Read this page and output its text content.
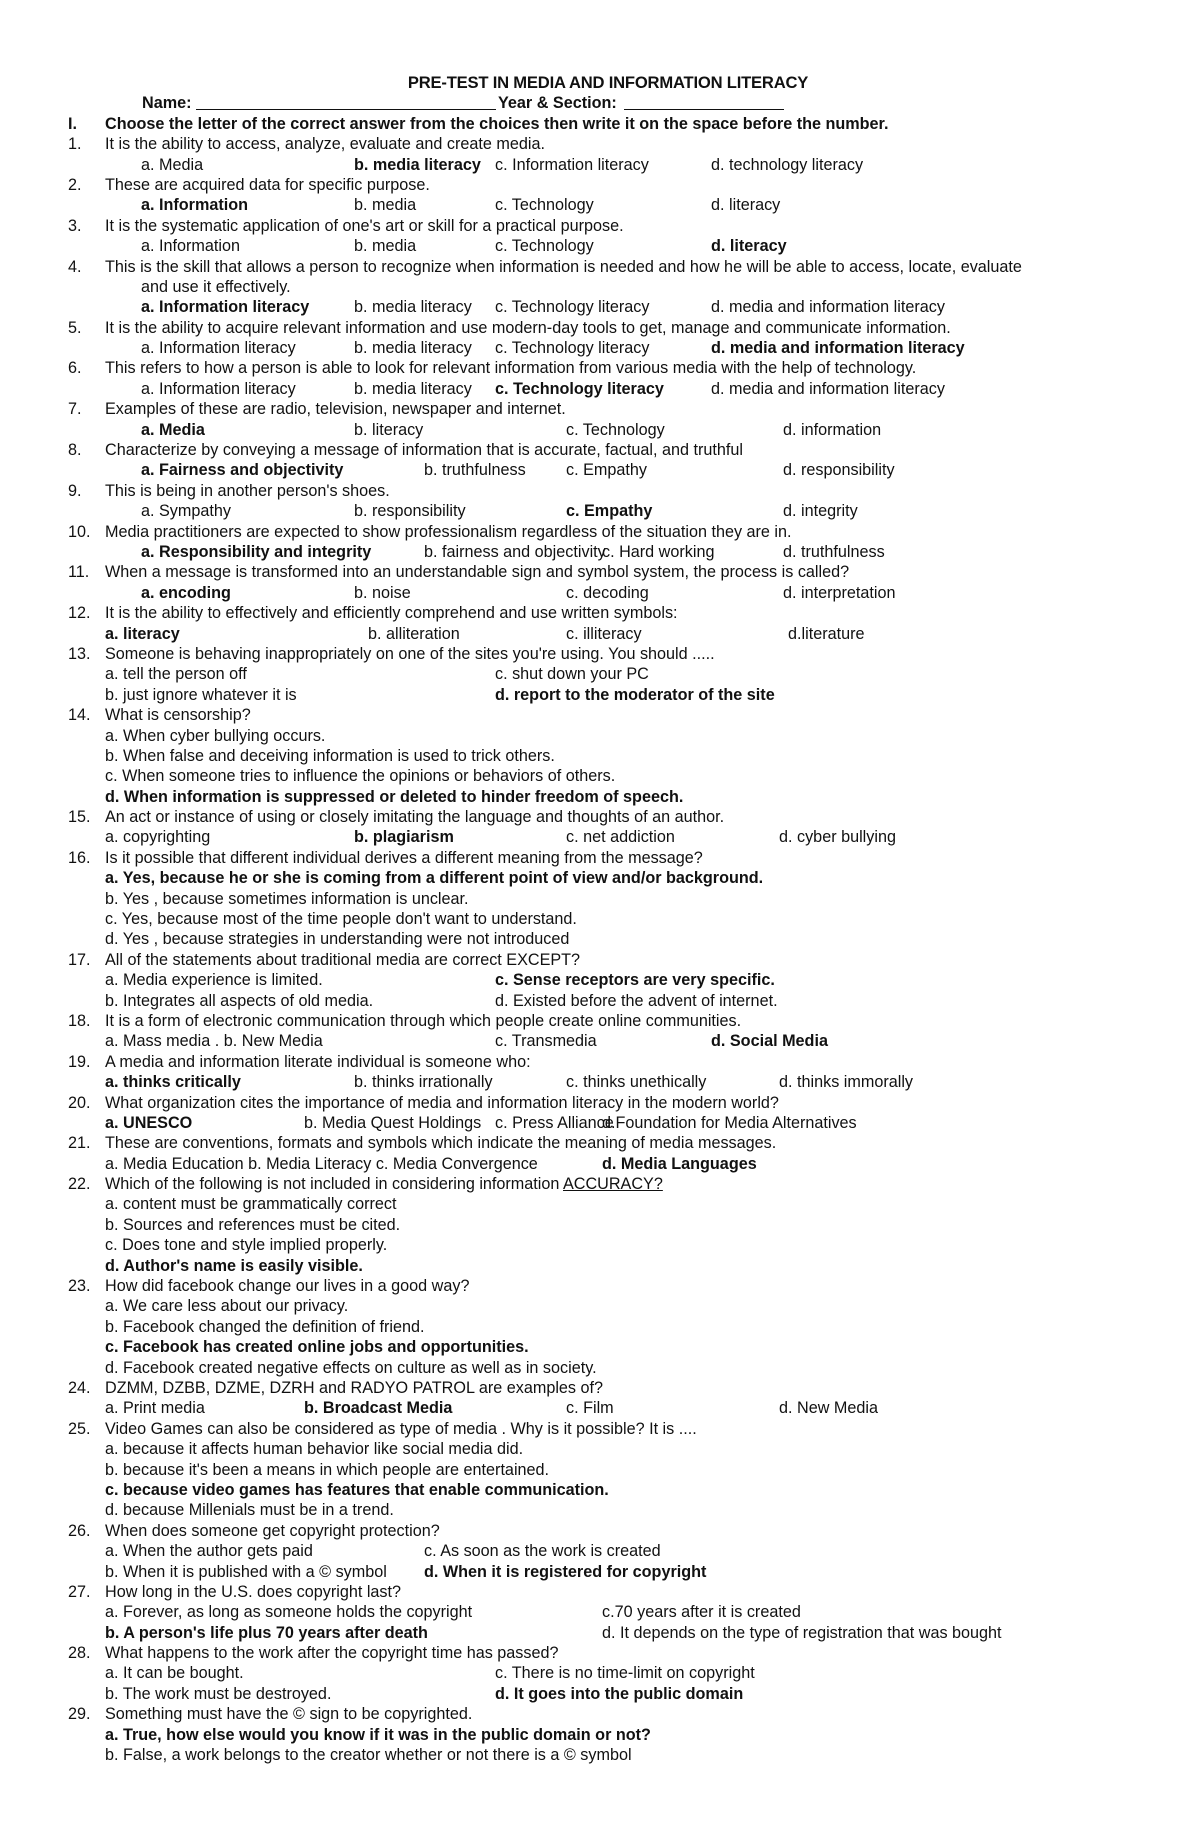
PRE-TEST IN MEDIA AND INFORMATION LITERACY
Name:	Year & Section:
I.	Choose the letter of the correct answer from the choices then write it on the space before the number.
1.	It is the ability to access, analyze, evaluate and create media.
a. Media	b. media literacy c. Information literacy	d. technology literacy
2.	These are acquired data for specific purpose.
a. Information	b. media	c. Technology	d. literacy
3.	It is the systematic application of one's art or skill for a practical purpose.
a. Information	b. media	c. Technology	d. literacy
4.	This is the skill that allows a person to recognize when information is needed and how he will be able to access, locate, evaluate
and use it effectively.
a. Information literacy	b. media literacy c. Technology literacy	d. media and information literacy
5.	It is the ability to acquire relevant information and use modern-day tools to get, manage and communicate information.
a. Information literacy	b. media literacy c. Technology literacy	d. media and information literacy
6.	This refers to how a person is able to look for relevant information from various media with the help of technology.
a. Information literacy	b. media literacy c. Technology literacy	d. media and information literacy
7.	Examples of these are radio, television, newspaper and internet.
a. Media	b. literacy	c. Technology	d. information
8.	Characterize by conveying a message of information that is accurate, factual, and truthful
a. Fairness and objectivity	b. truthfulness c. Empathy	d. responsibility
9.	This is being in another person's shoes.
a. Sympathy	b. responsibility	c. Empathy	d. integrity
10. Media practitioners are expected to show professionalism regardless of the situation they are in.
a. Responsibility and integrity	b. fairness and objectivity
c. Hard working	d. truthfulness
11. When a message is transformed into an understandable sign and symbol system, the process is called?
a. encoding	b. noise	c. decoding	d. interpretation
12. It is the ability to effectively and efficiently comprehend and use written symbols:
a. literacy	b. alliteration	c. illiteracy	d.literature
13. Someone is behaving inappropriately on one of the sites you're using. You should .....
a. tell the person off	c. shut down your PC
b. just ignore whatever it is	d. report to the moderator of the site
14. What is censorship?
a. When cyber bullying occurs.
b. When false and deceiving information is used to trick others.
c. When someone tries to influence the opinions or behaviors of others.
d. When information is suppressed or deleted to hinder freedom of speech.
15. An act or instance of using or closely imitating the language and thoughts of an author.
a. copyrighting	b. plagiarism	c. net addiction	d. cyber bullying
16. Is it possible that different individual derives a different meaning from the message?
a. Yes, because he or she is coming from a different point of view and/or background.
b. Yes , because sometimes information is unclear.
c. Yes, because most of the time people don't want to understand.
d. Yes , because strategies in understanding were not introduced
17. All of the statements about traditional media are correct EXCEPT?
a. Media experience is limited.	c. Sense receptors are very specific.
b. Integrates all aspects of old media.	d. Existed before the advent of internet.
18. It is a form of electronic communication through which people create online communities.
a. Mass media . b. New Media	c. Transmedia	d. Social Media
19. A media and information literate individual is someone who:
a. thinks critically	b. thinks irrationally	c. thinks unethically	d. thinks immorally
20. What organization cites the importance of media and information literacy in the modern world?
a. UNESCO	b. Media Quest Holdings c. Press Alliance
d.Foundation for Media Alternatives
21. These are conventions, formats and symbols which indicate the meaning of media messages.
a. Media Education b. Media Literacy c. Media Convergence	d. Media Languages
22. Which of the following is not included in considering information ACCURACY?
a. content must be grammatically correct
b. Sources and references must be cited.
c. Does tone and style implied properly.
d. Author's name is easily visible.
23. How did facebook change our lives in a good way?
a. We care less about our privacy.
b. Facebook changed the definition of friend.
c. Facebook has created online jobs and opportunities.
d. Facebook created negative effects on culture as well as in society.
24. DZMM, DZBB, DZME, DZRH and RADYO PATROL are examples of?
a. Print media	b. Broadcast Media	c. Film	d. New Media
25. Video Games can also be considered as type of media . Why is it possible? It is ....
a. because it affects human behavior like social media did.
b. because it's been a means in which people are entertained.
c. because video games has features that enable communication.
d. because Millenials must be in a trend.
26. When does someone get copyright protection?
a. When the author gets paid	c. As soon as the work is created
b. When it is published with a © symbol d. When it is registered for copyright
27. How long in the U.S. does copyright last?
a. Forever, as long as someone holds the copyright	c.70 years after it is created
b. A person's life plus 70 years after death	d. It depends on the type of registration that was bought
28. What happens to the work after the copyright time has passed?
a. It can be bought.	c. There is no time-limit on copyright
b. The work must be destroyed.	d. It goes into the public domain
29. Something must have the © sign to be copyrighted.
a. True, how else would you know if it was in the public domain or not?
b. False, a work belongs to the creator whether or not there is a © symbol
